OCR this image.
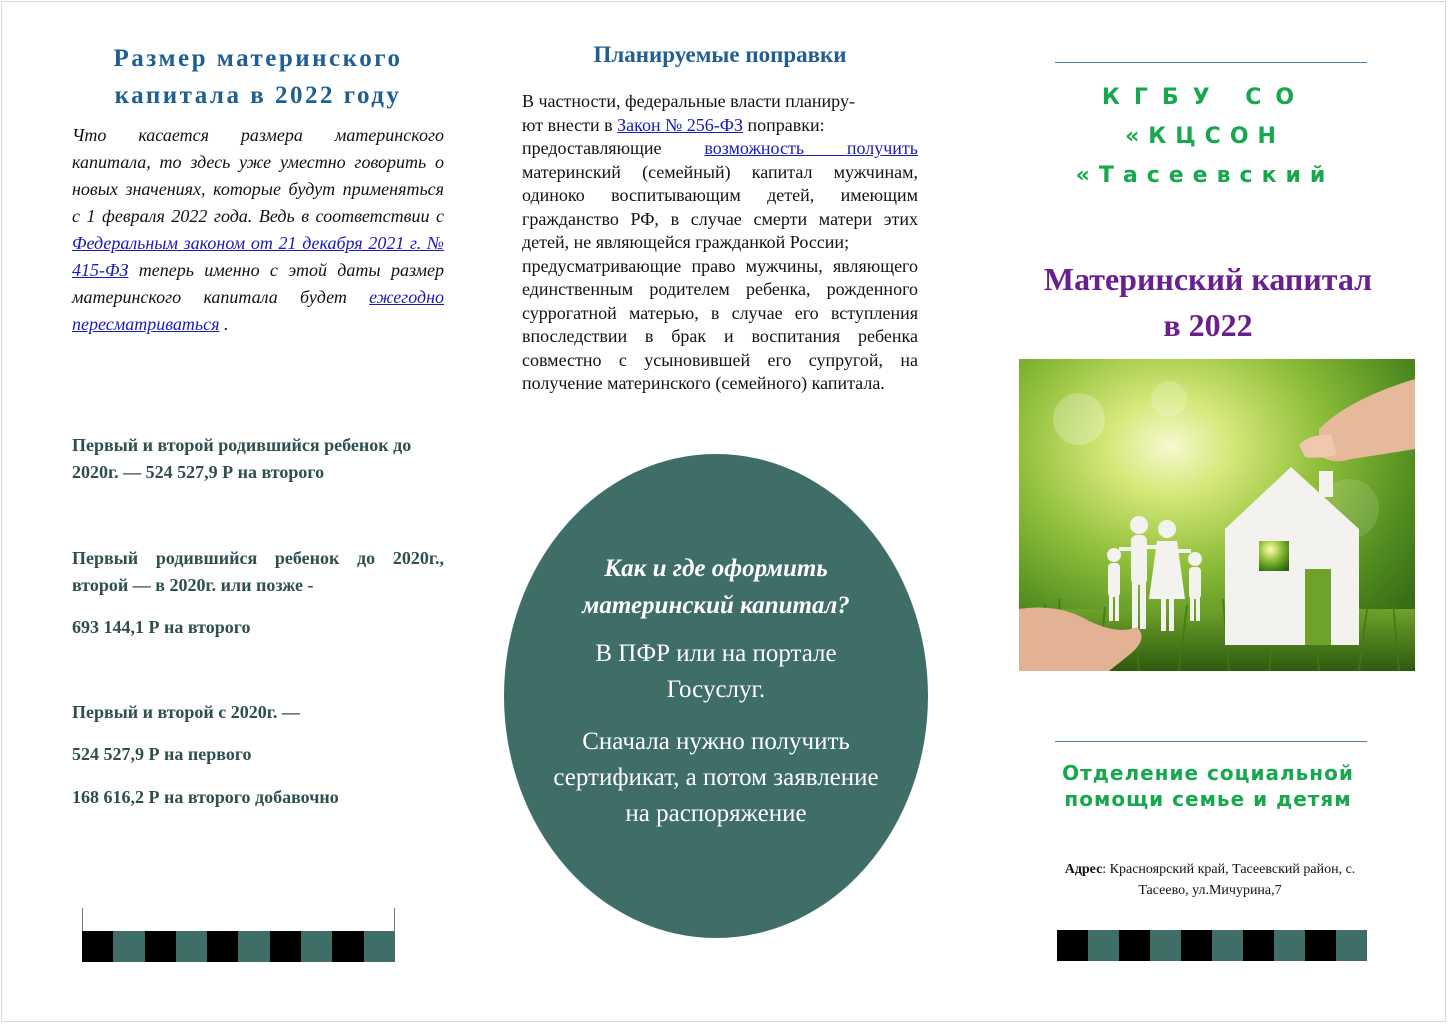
Размер материнского капитала в 2022 году

Что касается размера материнского капитала, то здесь уже уместно говорить о новых значениях, которые будут применяться с 1 февраля 2022 года. Ведь в соответствии с Федеральным законом от 21 декабря 2021 г. № 415-ФЗ теперь именно с этой даты размер материнского капитала будет ежегодно пересматриваться .

Первый и второй родившийся ребенок до 2020г. — 524 527,9 Р на второго

Первый родившийся ребенок до 2020г., второй — в 2020г. или позже -

693 144,1 Р на второго

Первый и второй с 2020г. —

524 527,9 Р на первого

168 616,2 Р на второго добавочно

Планируемые поправки
В частности, федеральные власти планиру-
ют внести в Закон № 256-ФЗ поправки:
предоставляющие возможность получить материнский (семейный) капитал мужчинам, одиноко воспитывающим детей, имеющим гражданство РФ, в случае смерти матери этих детей, не являющейся гражданкой России;
предусматривающие право мужчины, являющего единственным родителем ребенка, рожденного суррогатной матерью, в случае его вступления впоследствии в брак и воспитания ребенка совместно с усыновившей его супругой, на получение материнского (семейного) капитала.
Как и где оформить материнский капитал?
В ПФР или на портале Госуслуг.
Сначала нужно получить сертификат, а потом заявление на распоряжение
КГБУ СО
«КЦСОН
«Тасеевский
Материнский капитал в 2022
Отделение социальной помощи семье и детям
Адрес: Красноярский край, Тасеевский район, с. Тасеево, ул.Мичурина,7
